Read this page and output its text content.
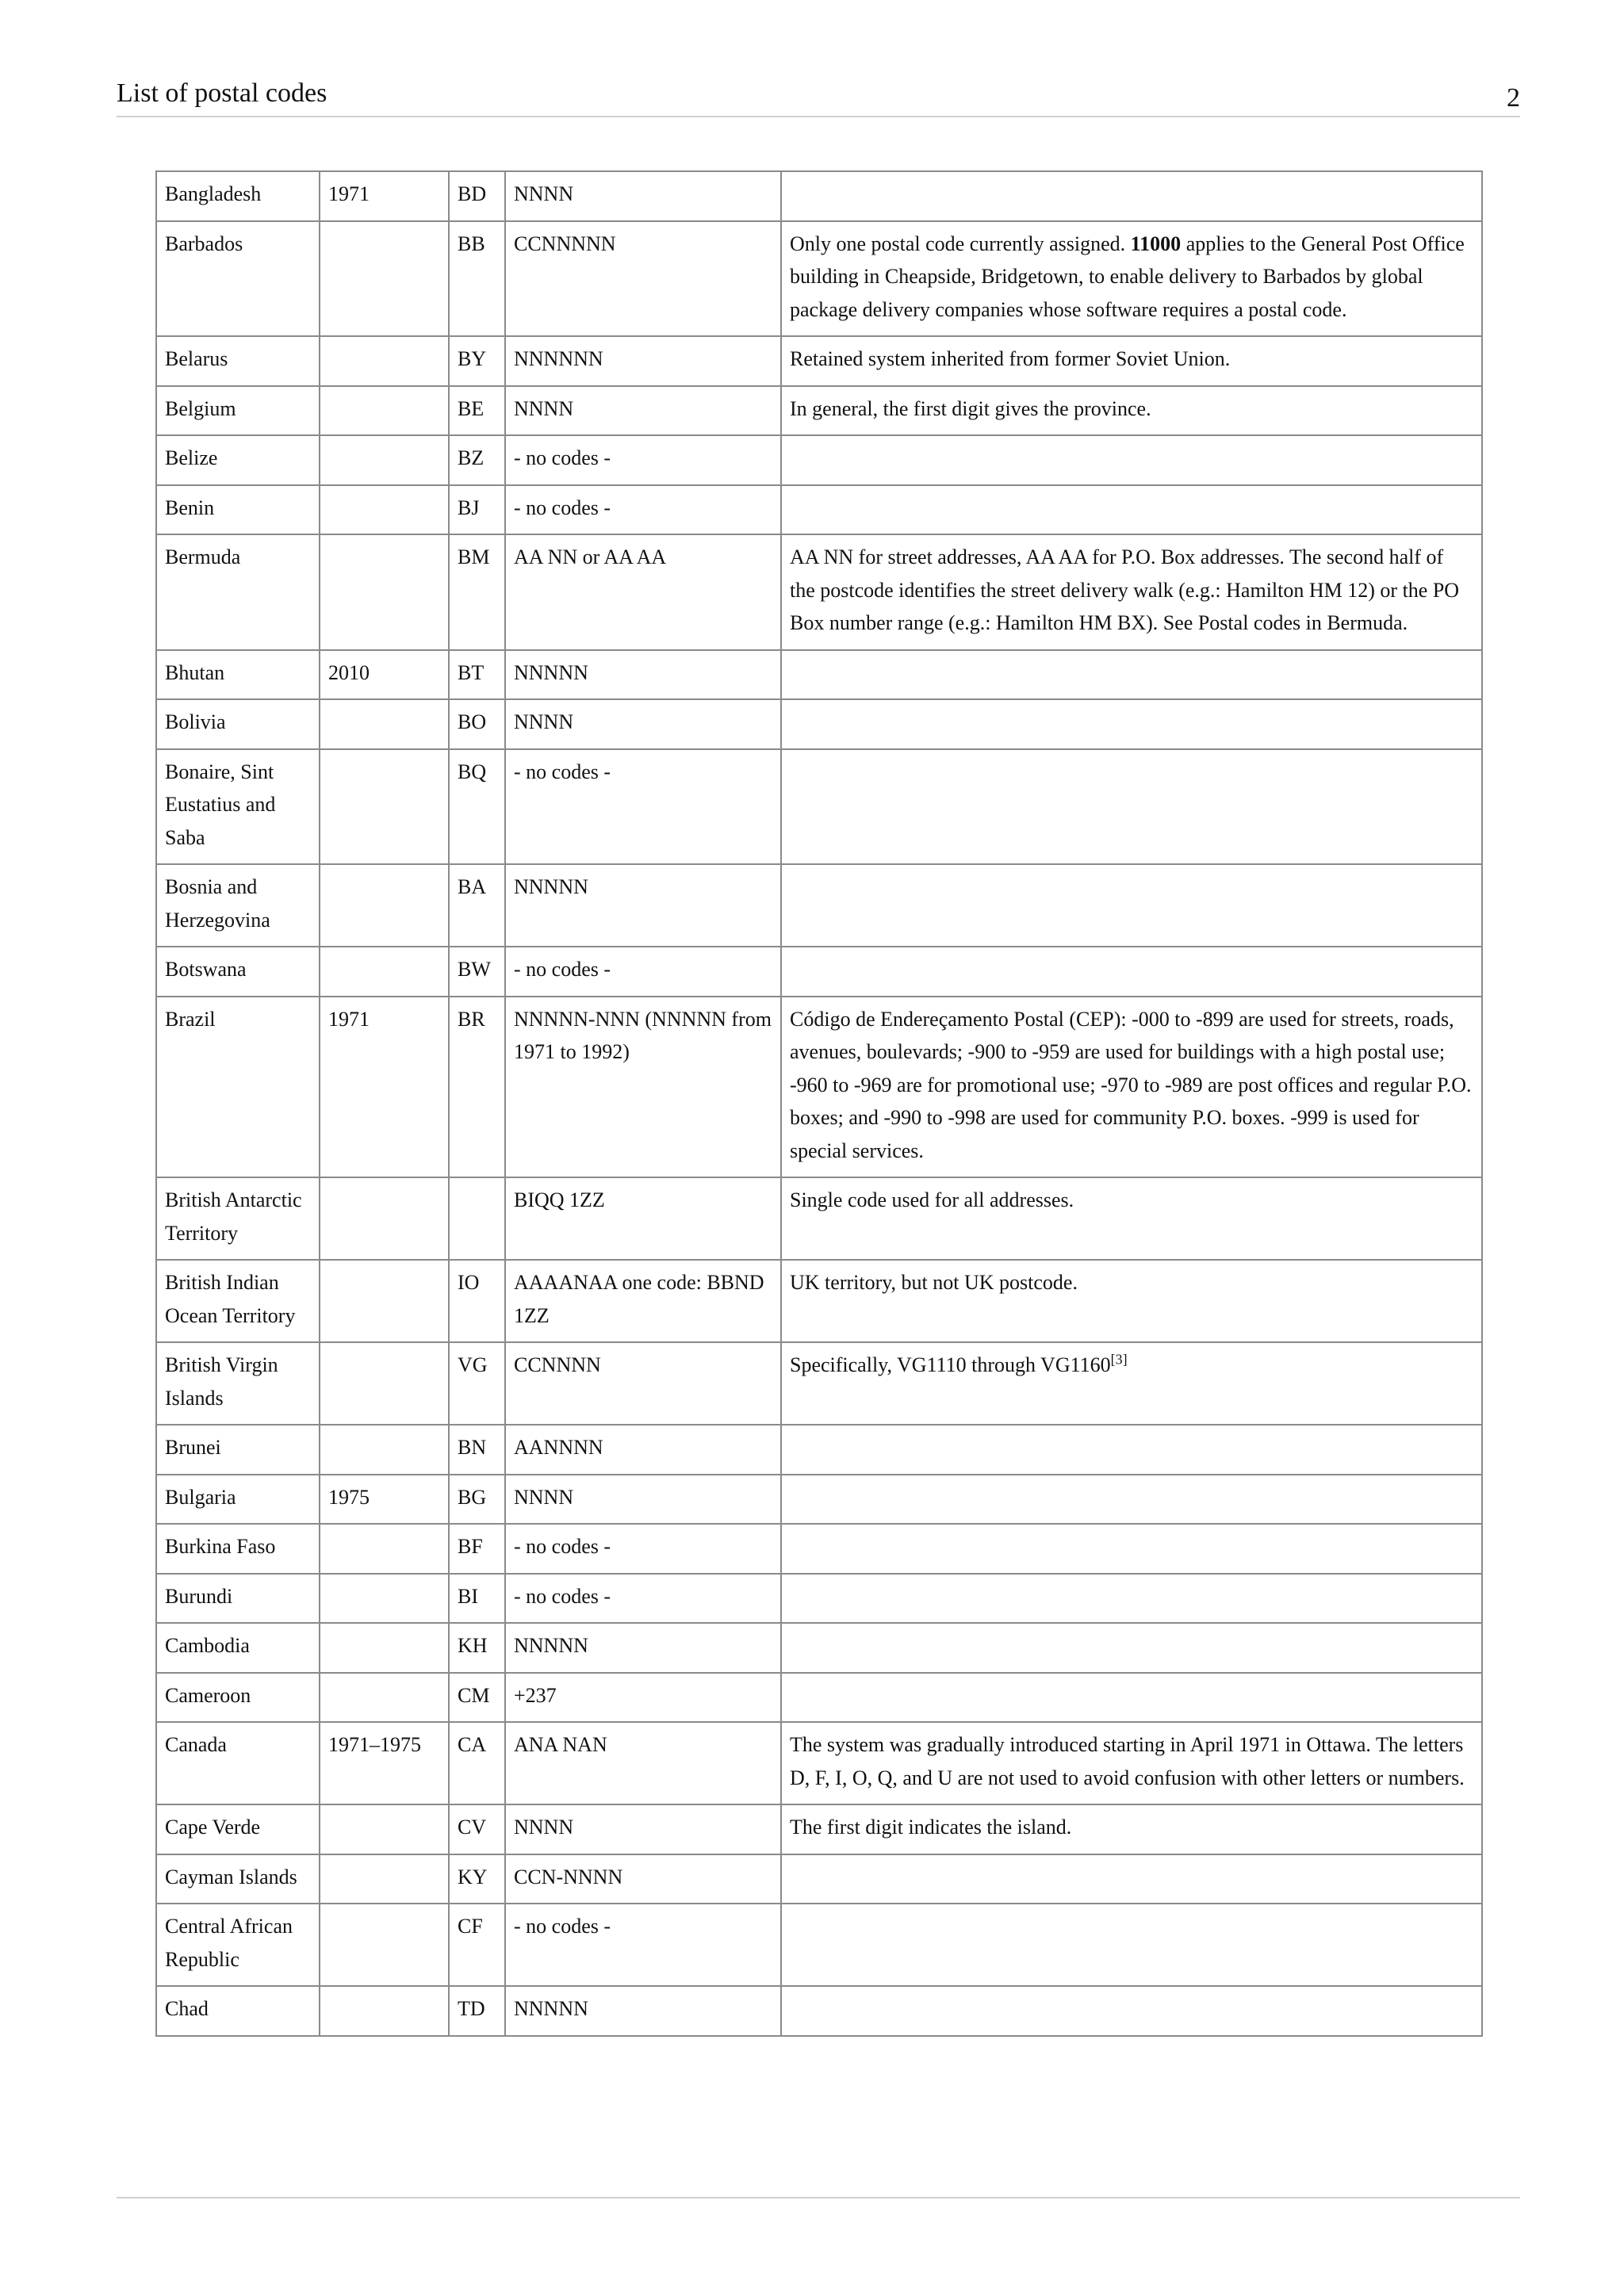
List of postal codes	2
Bangladesh	1971	BD	NNNN	
Barbados		BB	CCNNNNN	Only one postal code currently assigned. 11000 applies to the General Post Office building in Cheapside, Bridgetown, to enable delivery to Barbados by global package delivery companies whose software requires a postal code.
Belarus		BY	NNNNNN	Retained system inherited from former Soviet Union.
Belgium		BE	NNNN	In general, the first digit gives the province.
Belize		BZ	- no codes -	
Benin		BJ	- no codes -	
Bermuda		BM	AA NN or AA AA	AA NN for street addresses, AA AA for P.O. Box addresses. The second half of the postcode identifies the street delivery walk (e.g.: Hamilton HM 12) or the PO Box number range (e.g.: Hamilton HM BX). See Postal codes in Bermuda.
Bhutan	2010	BT	NNNNN	
Bolivia		BO	NNNN	
Bonaire, Sint Eustatius and Saba		BQ	- no codes -	
Bosnia and Herzegovina		BA	NNNNN	
Botswana		BW	- no codes -	
Brazil	1971	BR	NNNNN-NNN (NNNNN from 1971 to 1992)	Código de Endereçamento Postal (CEP): -000 to -899 are used for streets, roads, avenues, boulevards; -900 to -959 are used for buildings with a high postal use; -960 to -969 are for promotional use; -970 to -989 are post offices and regular P.O. boxes; and -990 to -998 are used for community P.O. boxes. -999 is used for special services.
British Antarctic Territory			BIQQ 1ZZ	Single code used for all addresses.
British Indian Ocean Territory		IO	AAAANAA one code: BBND 1ZZ	UK territory, but not UK postcode.
British Virgin Islands		VG	CCNNNN	Specifically, VG1110 through VG1160[3]
Brunei		BN	AANNNN	
Bulgaria	1975	BG	NNNN	
Burkina Faso		BF	- no codes -	
Burundi		BI	- no codes -	
Cambodia		KH	NNNNN	
Cameroon		CM	+237	
Canada	1971–1975	CA	ANA NAN	The system was gradually introduced starting in April 1971 in Ottawa. The letters D, F, I, O, Q, and U are not used to avoid confusion with other letters or numbers.
Cape Verde		CV	NNNN	The first digit indicates the island.
Cayman Islands		KY	CCN-NNNN	
Central African Republic		CF	- no codes -	
Chad		TD	NNNNN	
